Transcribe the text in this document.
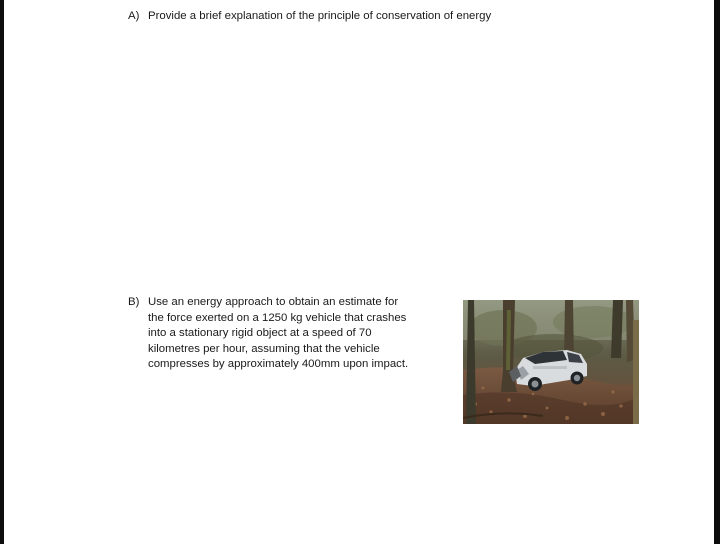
A) Provide a brief explanation of the principle of conservation of energy
B) Use an energy approach to obtain an estimate for
the force exerted on a 1250 kg vehicle that crashes
into a stationary rigid object at a speed of 70
kilometres per hour, assuming that the vehicle
compresses by approximately 400mm upon impact.
